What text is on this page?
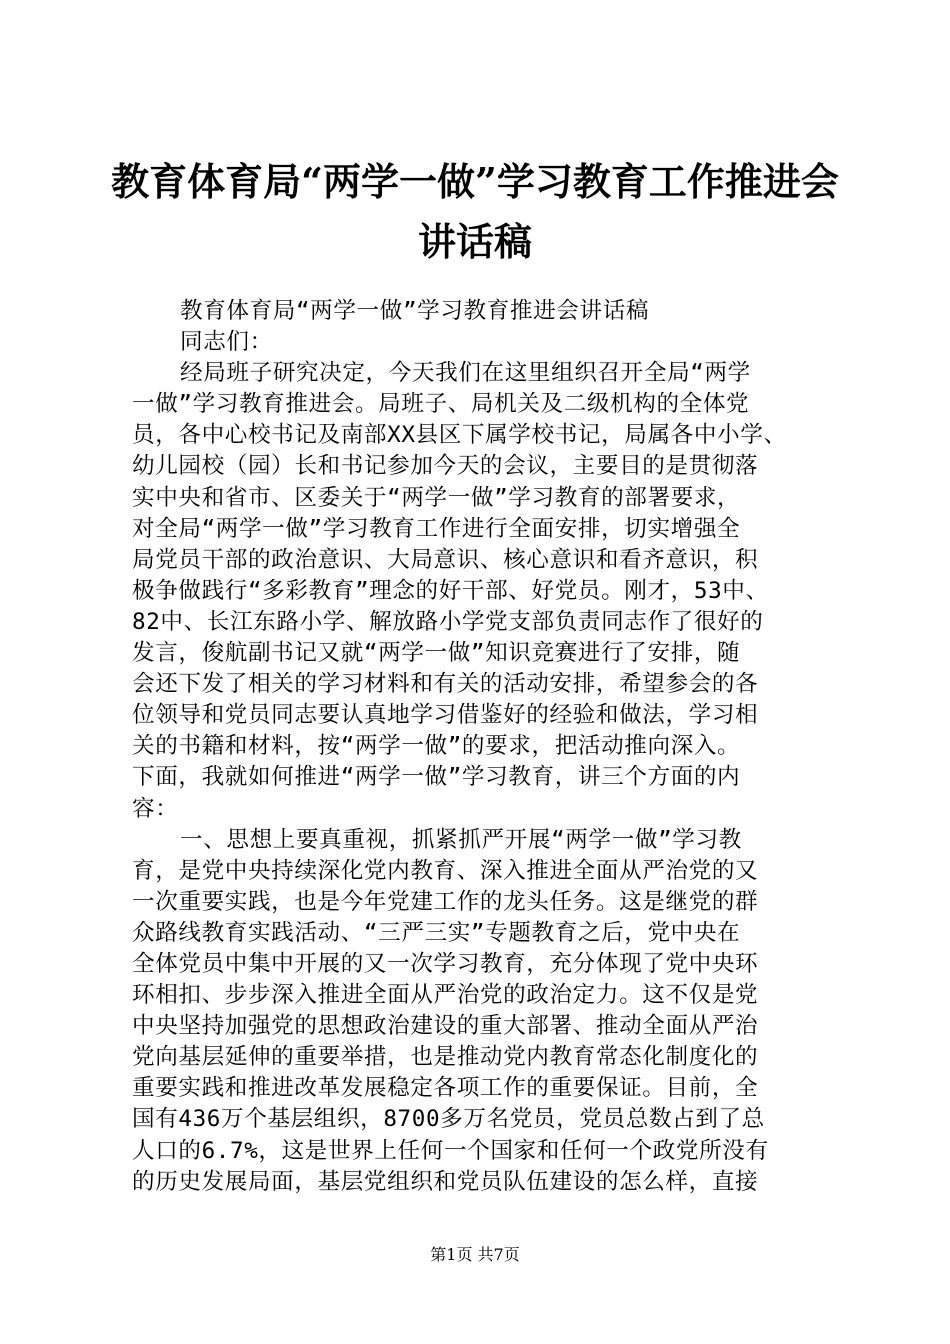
教育体育局“两学一做”学习教育工作推进会
讲话稿
教育体育局“两学一做”学习教育推进会讲话稿
同志们：
经局班子研究决定，今天我们在这里组织召开全局“两学
一做”学习教育推进会。局班子、局机关及二级机构的全体党
员，各中心校书记及南部XX县区下属学校书记，局属各中小学、
幼儿园校（园）长和书记参加今天的会议，主要目的是贯彻落
实中央和省市、区委关于“两学一做”学习教育的部署要求，
对全局“两学一做”学习教育工作进行全面安排，切实增强全
局党员干部的政治意识、大局意识、核心意识和看齐意识，积
极争做践行“多彩教育”理念的好干部、好党员。刚才，53中、
82中、长江东路小学、解放路小学党支部负责同志作了很好的
发言，俊航副书记又就“两学一做”知识竞赛进行了安排，随
会还下发了相关的学习材料和有关的活动安排，希望参会的各
位领导和党员同志要认真地学习借鉴好的经验和做法，学习相
关的书籍和材料，按“两学一做”的要求，把活动推向深入。
下面，我就如何推进“两学一做”学习教育，讲三个方面的内
容：
一、思想上要真重视，抓紧抓严开展“两学一做”学习教
育，是党中央持续深化党内教育、深入推进全面从严治党的又
一次重要实践，也是今年党建工作的龙头任务。这是继党的群
众路线教育实践活动、“三严三实”专题教育之后，党中央在
全体党员中集中开展的又一次学习教育，充分体现了党中央环
环相扣、步步深入推进全面从严治党的政治定力。这不仅是党
中央坚持加强党的思想政治建设的重大部署、推动全面从严治
党向基层延伸的重要举措，也是推动党内教育常态化制度化的
重要实践和推进改革发展稳定各项工作的重要保证。目前，全
国有436万个基层组织，8700多万名党员，党员总数占到了总
人口的6.7%，这是世界上任何一个国家和任何一个政党所没有
的历史发展局面，基层党组织和党员队伍建设的怎么样，直接
第1页 共7页
